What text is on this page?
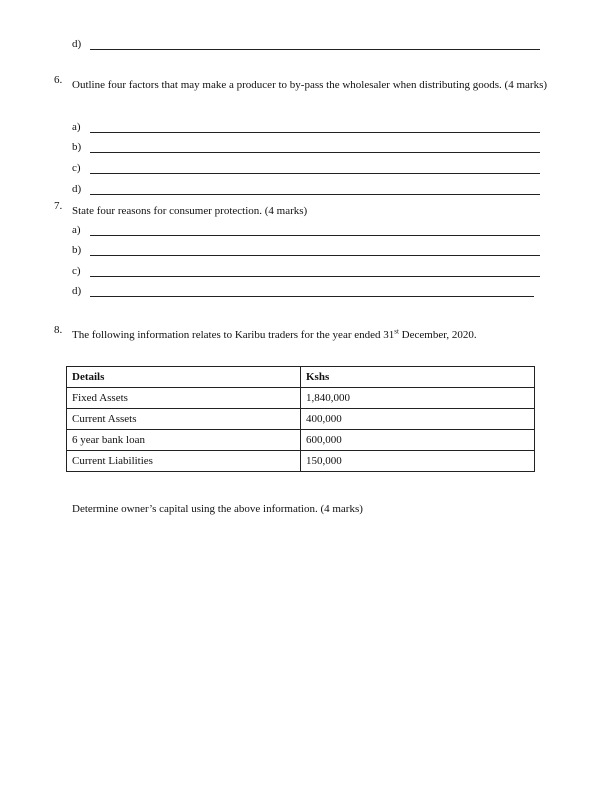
d)
6. Outline four factors that may make a producer to by-pass the wholesaler when distributing goods. (4 marks)
a)
b)
c)
d)
7. State four reasons for consumer protection. (4 marks)
a)
b)
c)
d)
8. The following information relates to Karibu traders for the year ended 31st December, 2020.
Details	Kshs
Fixed Assets	1,840,000
Current Assets	400,000
6 year bank loan	600,000
Current Liabilities	150,000
Determine owner’s capital using the above information. (4 marks)
